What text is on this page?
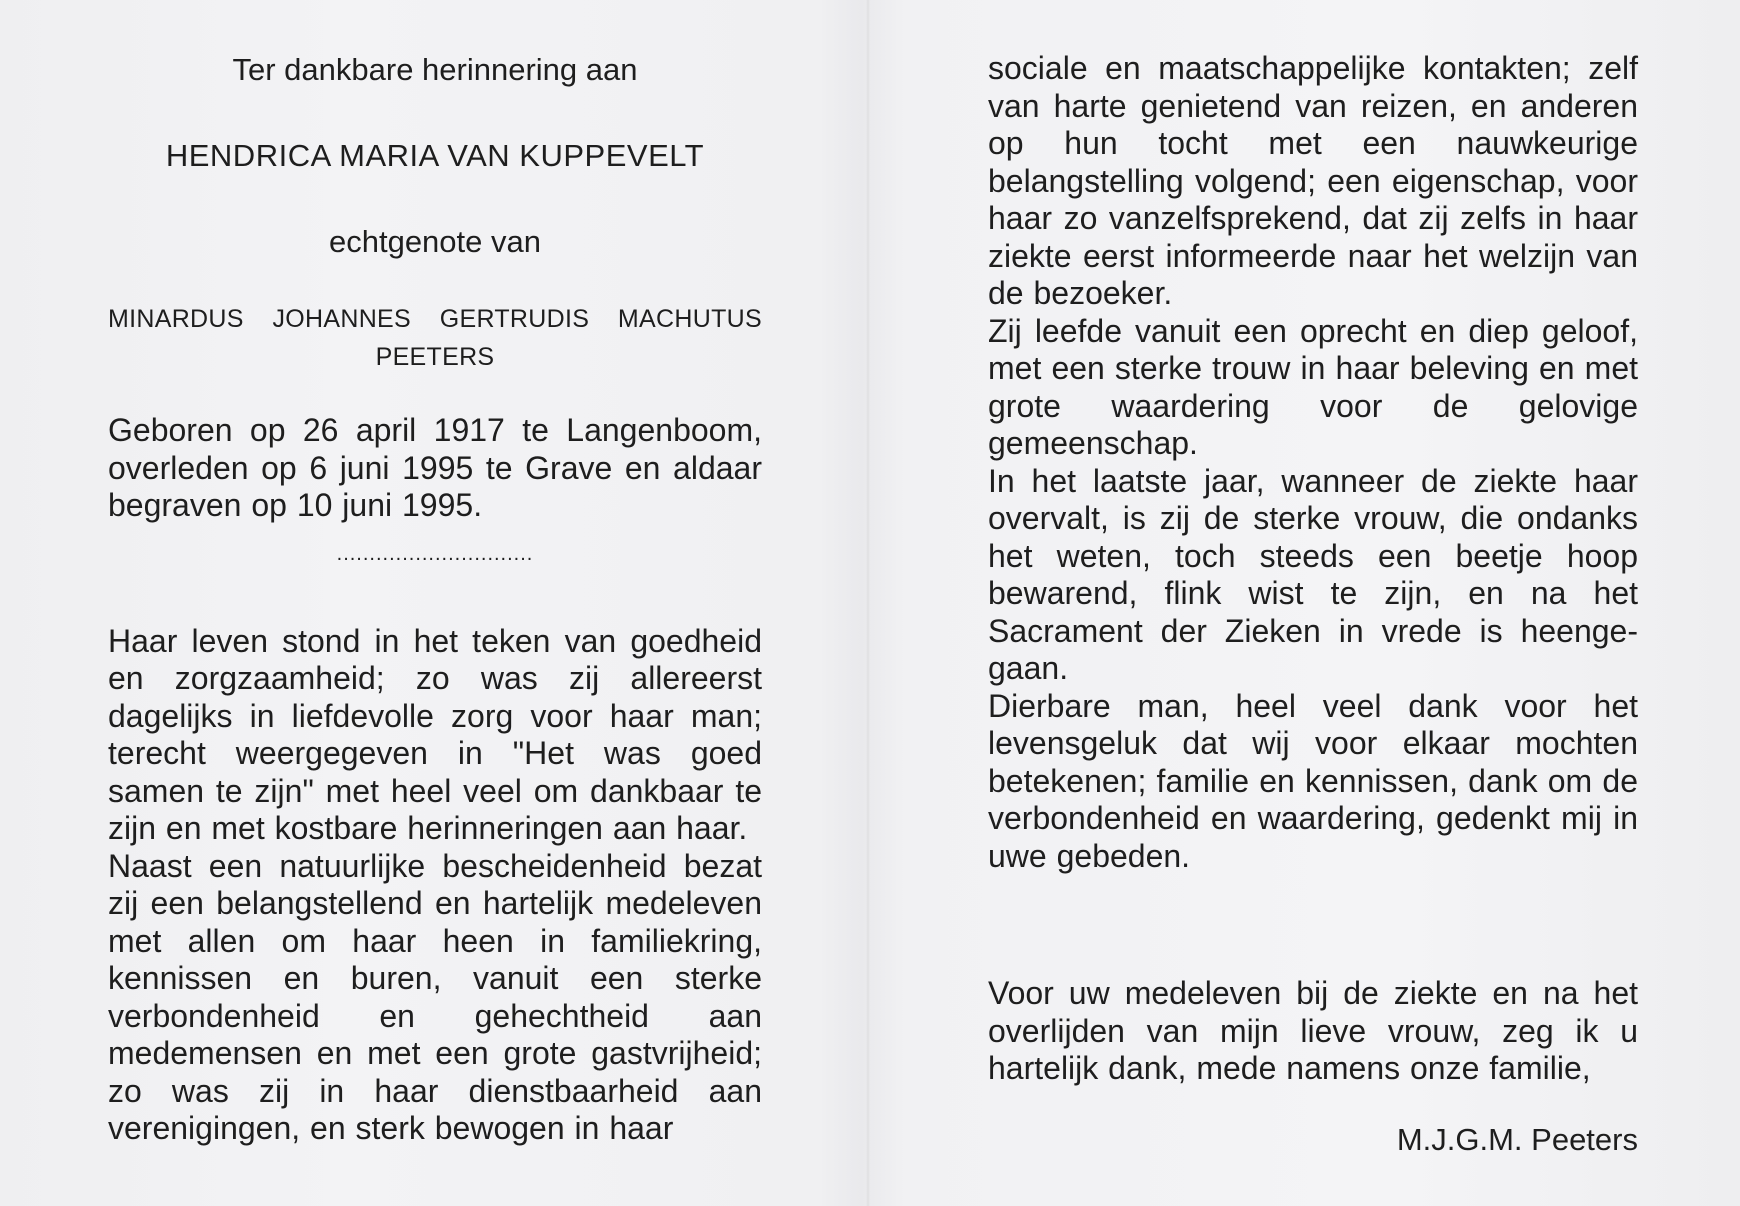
Ter dankbare herinnering aan

HENDRICA MARIA VAN KUPPEVELT

echtgenote van

MINARDUS JOHANNES GERTRUDIS MACHUTUS PEETERS

Geboren op 26 april 1917 te Langenboom, overleden op 6 juni 1995 te Grave en aldaar begraven op 10 juni 1995.

..............................

Haar leven stond in het teken van goedheid en zorgzaamheid; zo was zij allereerst dagelijks in liefdevolle zorg voor haar man; terecht weergegeven in "Het was goed samen te zijn" met heel veel om dankbaar te zijn en met kostbare herinneringen aan haar.

Naast een natuurlijke bescheidenheid bezat zij een belangstellend en hartelijk medeleven met allen om haar heen in familiekring, kennissen en buren, vanuit een sterke verbondenheid en gehechtheid aan medemensen en met een grote gastvrijheid; zo was zij in haar dienstbaarheid aan verenigingen, en sterk bewogen in haar

sociale en maatschappelijke kontakten; zelf van harte genietend van reizen, en anderen op hun tocht met een nauwkeurige belangstelling volgend; een eigenschap, voor haar zo vanzelfsprekend, dat zij zelfs in haar ziekte eerst informeerde naar het welzijn van de bezoeker.

Zij leefde vanuit een oprecht en diep geloof, met een sterke trouw in haar beleving en met grote waardering voor de gelovige gemeenschap.

In het laatste jaar, wanneer de ziekte haar overvalt, is zij de sterke vrouw, die ondanks het weten, toch steeds een beetje hoop bewarend, flink wist te zijn, en na het Sacrament der Zieken in vrede is heengegaan.

Dierbare man, heel veel dank voor het levensgeluk dat wij voor elkaar mochten betekenen; familie en kennissen, dank om de verbondenheid en waardering, gedenkt mij in uwe gebeden.

Voor uw medeleven bij de ziekte en na het overlijden van mijn lieve vrouw, zeg ik u hartelijk dank, mede namens onze familie,

M.J.G.M. Peeters
